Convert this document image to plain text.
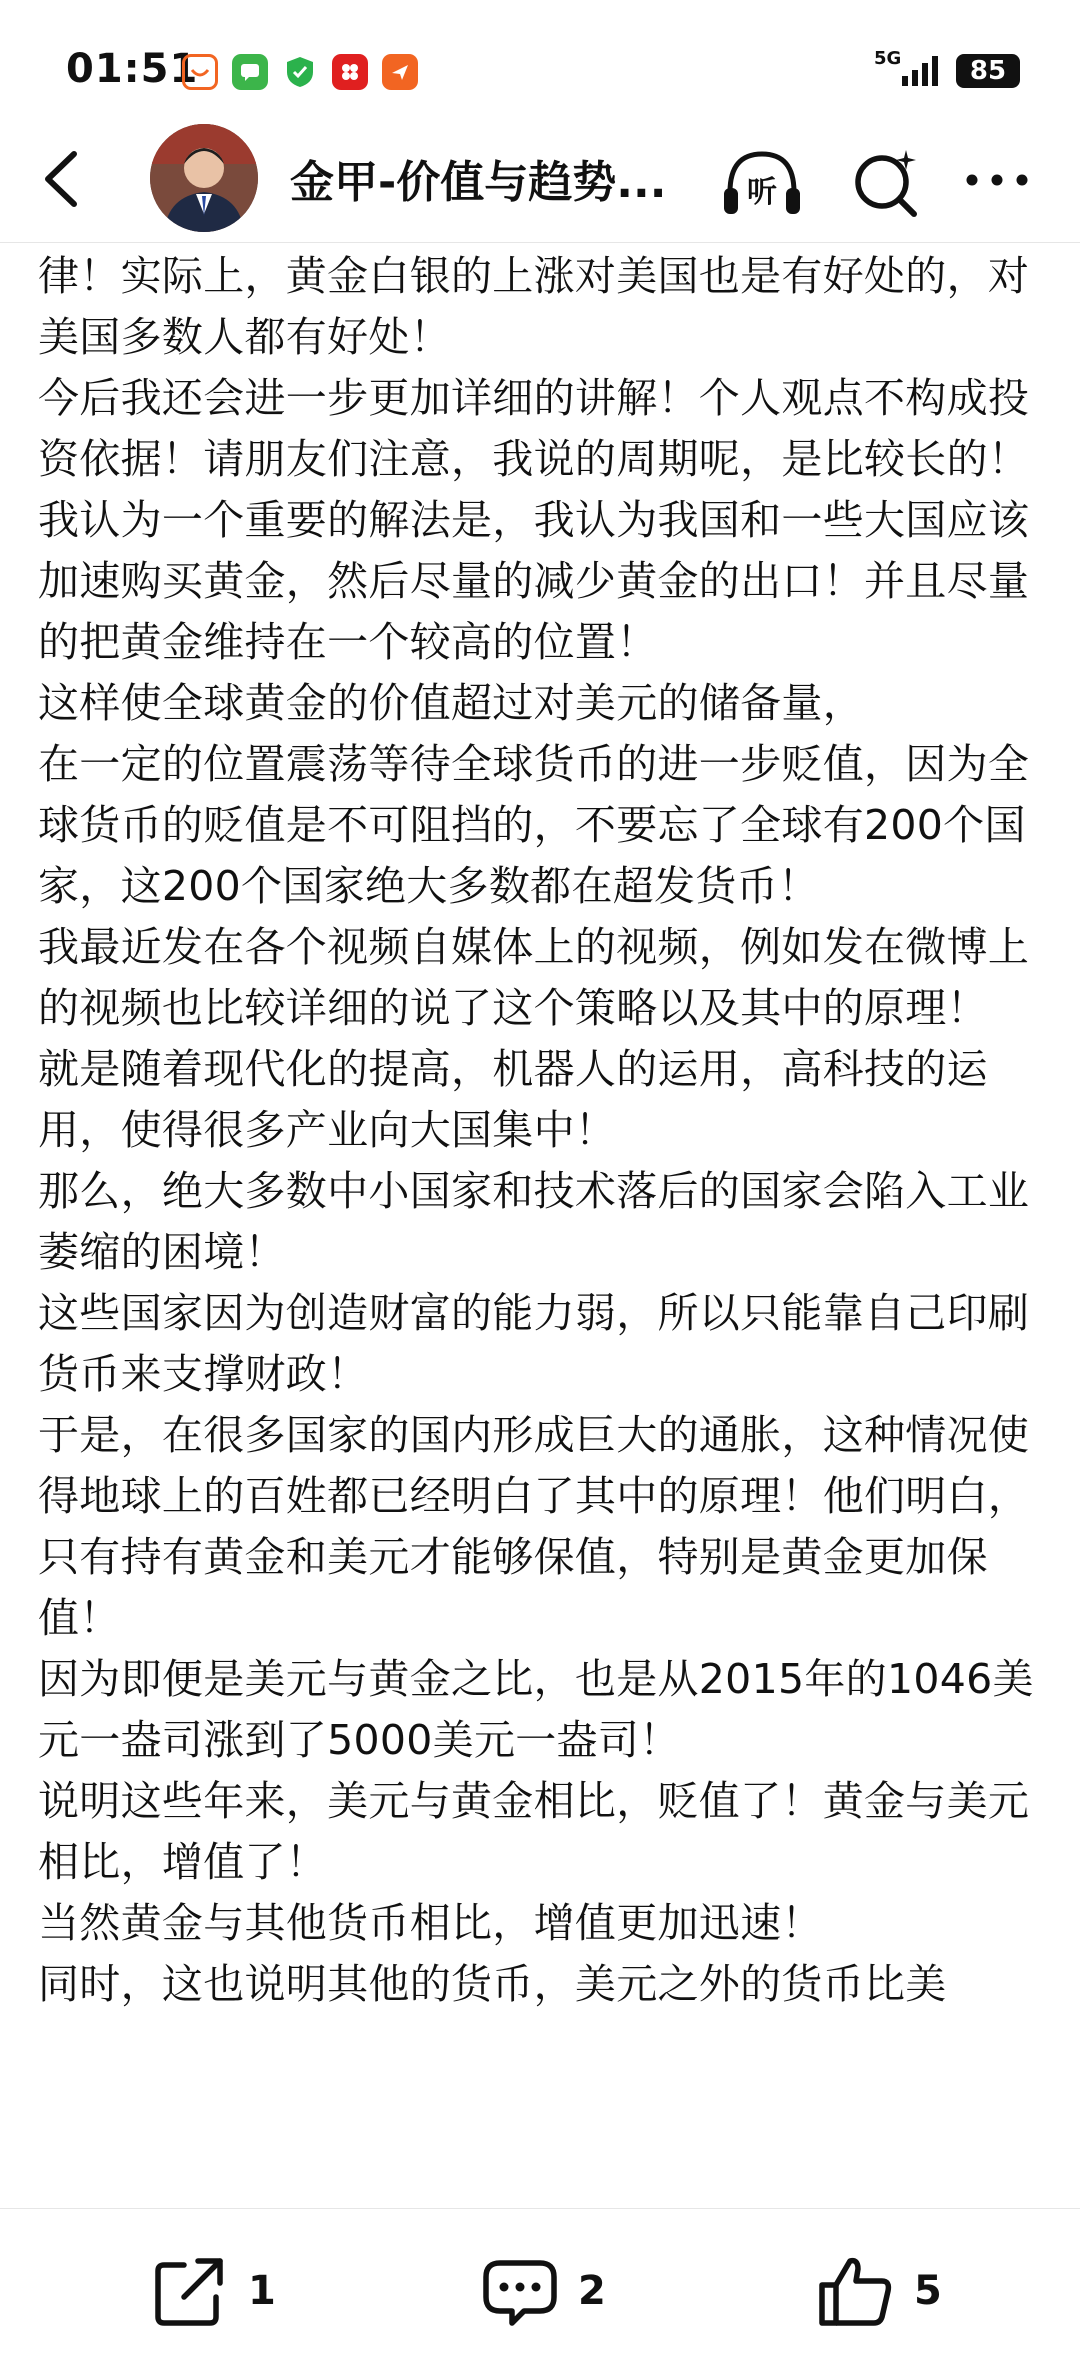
01:51	5G	85
金甲-价值与趋势...	听

律！实际上，黄金白银的上涨对美国也是有好处的，对美国多数人都有好处！

今后我还会进一步更加详细的讲解！个人观点不构成投资依据！请朋友们注意，我说的周期呢，是比较长的！

我认为一个重要的解法是，我认为我国和一些大国应该加速购买黄金，然后尽量的减少黄金的出口！并且尽量的把黄金维持在一个较高的位置！

这样使全球黄金的价值超过对美元的储备量，

在一定的位置震荡等待全球货币的进一步贬值，因为全球货币的贬值是不可阻挡的，不要忘了全球有200个国家，这200个国家绝大多数都在超发货币！

我最近发在各个视频自媒体上的视频，例如发在微博上的视频也比较详细的说了这个策略以及其中的原理！

就是随着现代化的提高，机器人的运用，高科技的运用，使得很多产业向大国集中！

那么，绝大多数中小国家和技术落后的国家会陷入工业萎缩的困境！

这些国家因为创造财富的能力弱，所以只能靠自己印刷货币来支撑财政！

于是，在很多国家的国内形成巨大的通胀，这种情况使得地球上的百姓都已经明白了其中的原理！他们明白，只有持有黄金和美元才能够保值，特别是黄金更加保值！

因为即便是美元与黄金之比，也是从2015年的1046美元一盎司涨到了5000美元一盎司！

说明这些年来，美元与黄金相比，贬值了！黄金与美元相比，增值了！

当然黄金与其他货币相比，增值更加迅速！

同时，这也说明其他的货币，美元之外的货币比美

1	2	5
